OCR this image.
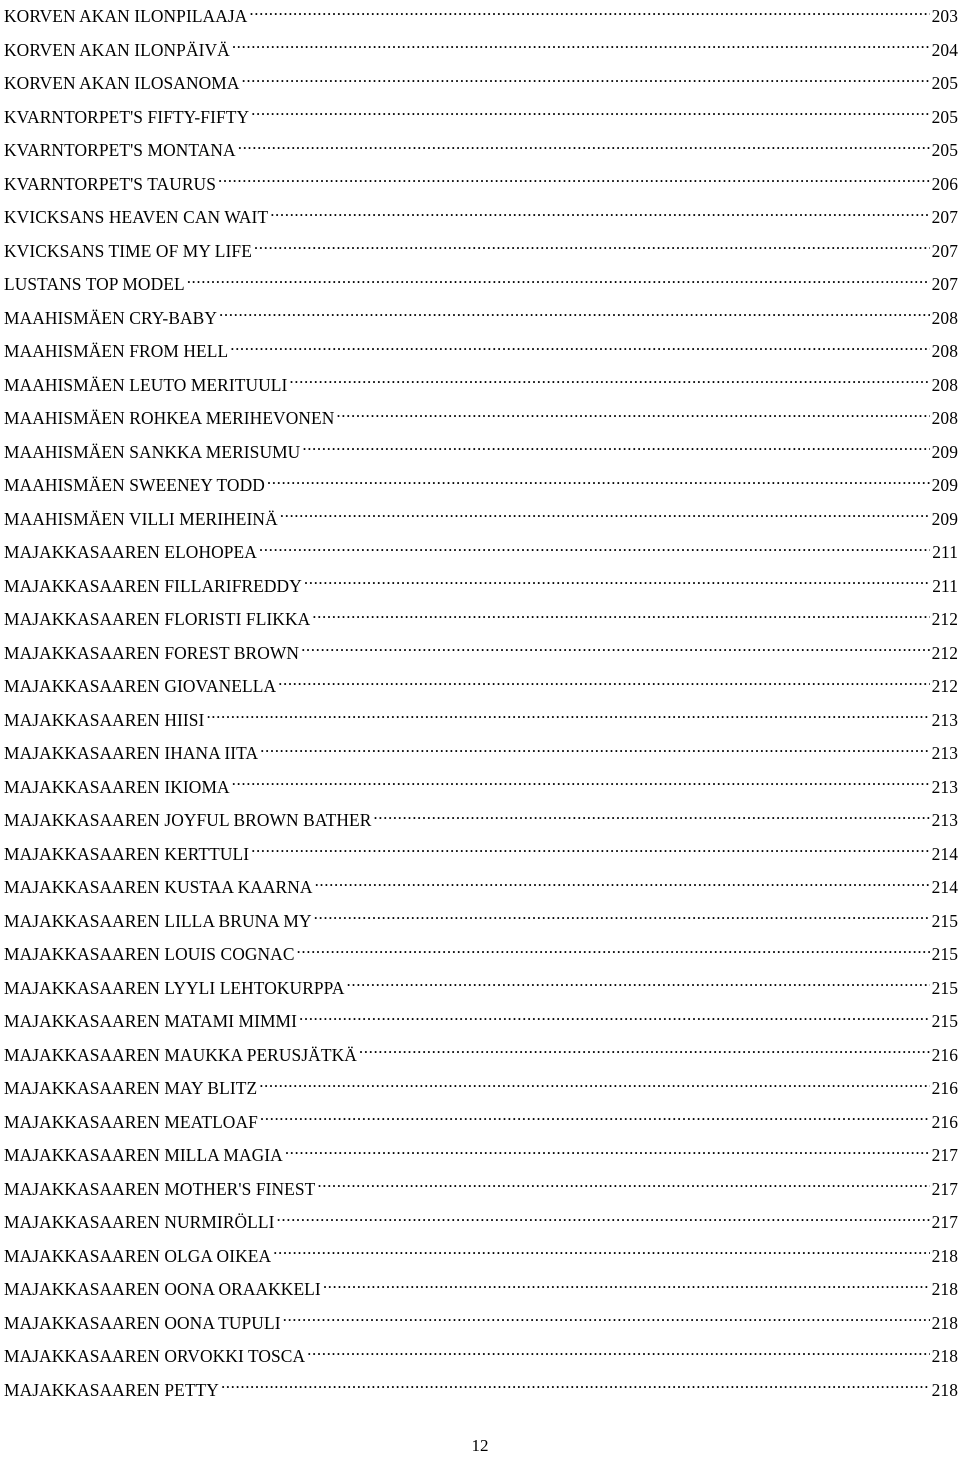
KORVEN AKAN ILONPILAAJA .....	203
KORVEN AKAN ILONPÄIVÄ .....	204
KORVEN AKAN ILOSANOMA .....	205
KVARNTORPET'S FIFTY-FIFTY .....	205
KVARNTORPET'S MONTANA .....	205
KVARNTORPET'S TAURUS .....	206
KVICKSANS HEAVEN CAN WAIT .....	207
KVICKSANS TIME OF MY LIFE .....	207
LUSTANS TOP MODEL .....	207
MAAHISMÄEN CRY-BABY .....	208
MAAHISMÄEN FROM HELL .....	208
MAAHISMÄEN LEUTO MERITUULI .....	208
MAAHISMÄEN ROHKEA MERIHEVONEN .....	208
MAAHISMÄEN SANKKA MERISUMU .....	209
MAAHISMÄEN SWEENEY TODD .....	209
MAAHISMÄEN VILLI MERIHEINÄ .....	209
MAJAKKASAAREN ELOHOPEA .....	211
MAJAKKASAAREN FILLARIFREDDY .....	211
MAJAKKASAAREN FLORISTI FLIKKA .....	212
MAJAKKASAAREN FOREST BROWN .....	212
MAJAKKASAAREN GIOVANELLA .....	212
MAJAKKASAAREN HIISI .....	213
MAJAKKASAAREN IHANA IITA .....	213
MAJAKKASAAREN IKIOMA .....	213
MAJAKKASAAREN JOYFUL BROWN BATHER .....	213
MAJAKKASAAREN KERTTULI .....	214
MAJAKKASAAREN KUSTAA KAARNA .....	214
MAJAKKASAAREN LILLA BRUNA MY .....	215
MAJAKKASAAREN LOUIS COGNAC .....	215
MAJAKKASAAREN LYYLI LEHTOKURPPA .....	215
MAJAKKASAAREN MATAMI MIMMI .....	215
MAJAKKASAAREN MAUKKA PERUSJÄTKÄ .....	216
MAJAKKASAAREN MAY BLITZ .....	216
MAJAKKASAAREN MEATLOAF .....	216
MAJAKKASAAREN MILLA MAGIA .....	217
MAJAKKASAAREN MOTHER'S FINEST .....	217
MAJAKKASAAREN NURMIRÖLLI .....	217
MAJAKKASAAREN OLGA OIKEA .....	218
MAJAKKASAAREN OONA ORAAKKELI .....	218
MAJAKKASAAREN OONA TUPULI .....	218
MAJAKKASAAREN ORVOKKI TOSCA .....	218
MAJAKKASAAREN PETTY .....	218
12
